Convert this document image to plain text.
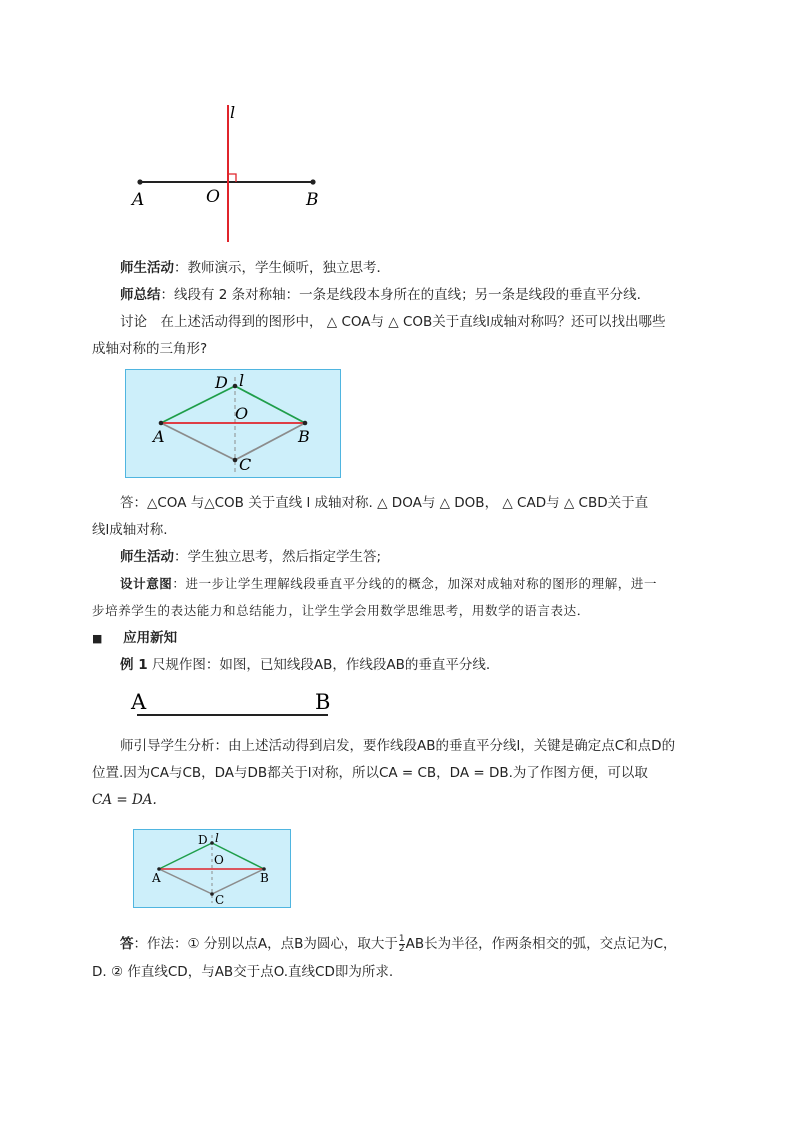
l
O
A	B
师生活动：教师演示，学生倾听，独立思考．
师总结：线段有 2 条对称轴：一条是线段本身所在的直线；另一条是线段的垂直平分线.
讨论　在上述活动得到的图形中， △ COA与 △ COB关于直线l成轴对称吗？还可以找出哪些
成轴对称的三角形?
D l
O
A	B
C
答：△COA 与△COB 关于直线 l 成轴对称. △ DOA与 △ DOB， △ CAD与 △ CBD关于直
线l成轴对称.
师生活动：学生独立思考，然后指定学生答;
设计意图：进一步让学生理解线段垂直平分线的的概念，加深对成轴对称的图形的理解，进一
步培养学生的表达能力和总结能力，让学生学会用数学思维思考，用数学的语言表达．
■ 应用新知
例 1 尺规作图：如图，已知线段AB，作线段AB的垂直平分线.
A	B
师引导学生分析：由上述活动得到启发，要作线段AB的垂直平分线l，关键是确定点C和点D的
位置.因为CA与CB，DA与DB都关于l对称，所以CA = CB，DA = DB.为了作图方便，可以取
CA = DA.
D l
O
A	B
C
答：作法：① 分别以点A，点B为圆心，取大于 $\frac{1}{2}$ AB长为半径，作两条相交的弧，交点记为C，
D. ② 作直线CD，与AB交于点O.直线CD即为所求.
